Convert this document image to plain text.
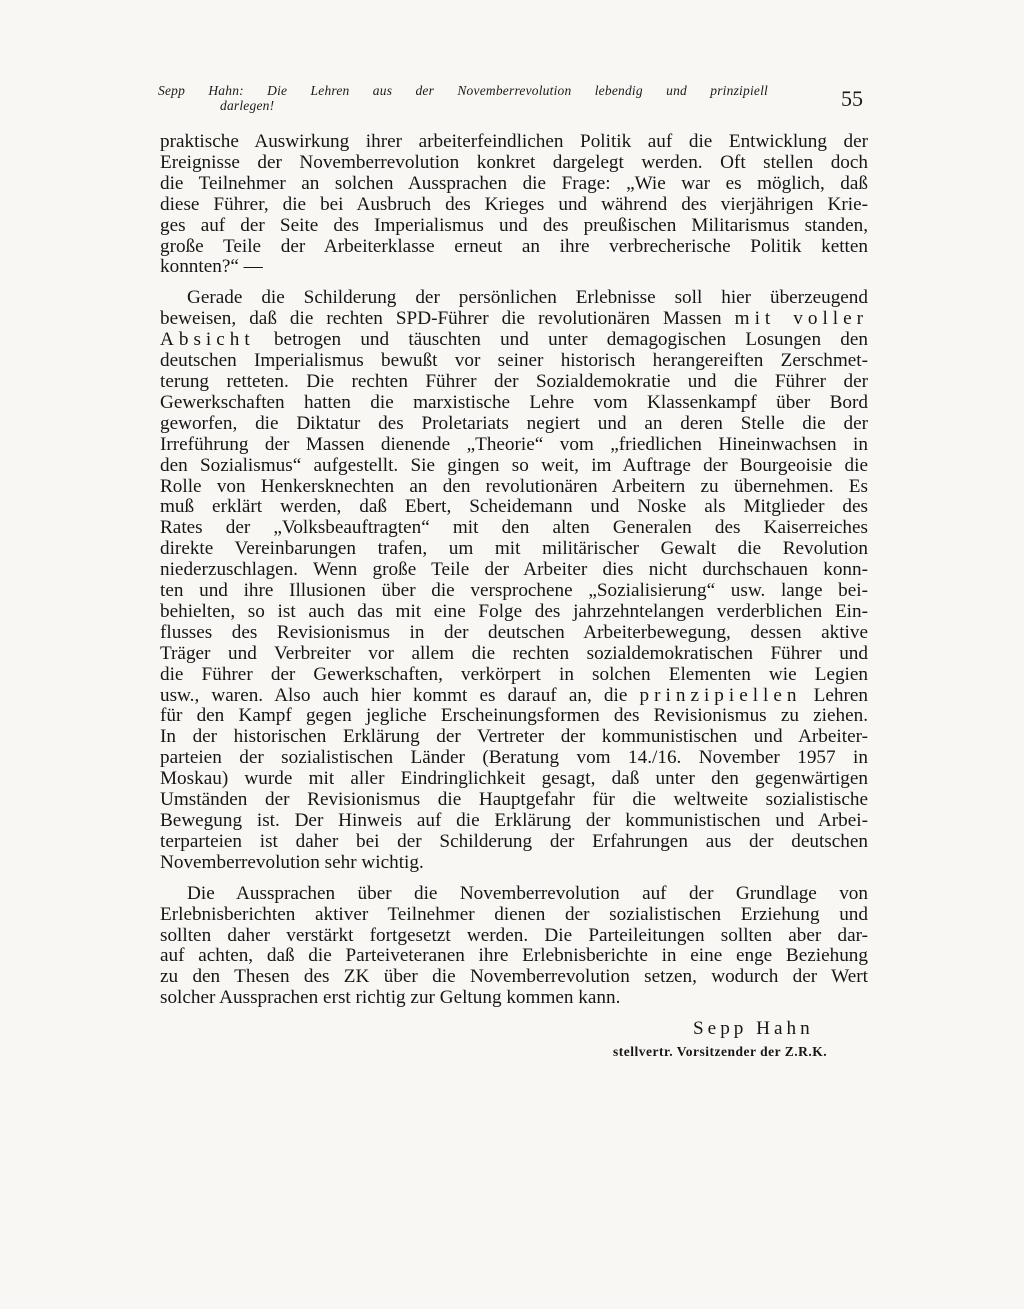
Sepp Hahn: Die Lehren aus der Novemberrevolution lebendig und prinzipiell
darlegen!	55
praktische Auswirkung ihrer arbeiterfeindlichen Politik auf die Entwicklung der
Ereignisse der Novemberrevolution konkret dargelegt werden. Oft stellen doch
die Teilnehmer an solchen Aussprachen die Frage: „Wie war es möglich, daß
diese Führer, die bei Ausbruch des Krieges und während des vierjährigen Krie-
ges auf der Seite des Imperialismus und des preußischen Militarismus standen,
große Teile der Arbeiterklasse erneut an ihre verbrecherische Politik ketten
konnten?“ —
Gerade die Schilderung der persönlichen Erlebnisse soll hier überzeugend
beweisen, daß die rechten SPD-Führer die revolutionären Massen mit voller
Absicht betrogen und täuschten und unter demagogischen Losungen den
deutschen Imperialismus bewußt vor seiner historisch herangereiften Zerschmet-
terung retteten. Die rechten Führer der Sozialdemokratie und die Führer der
Gewerkschaften hatten die marxistische Lehre vom Klassenkampf über Bord
geworfen, die Diktatur des Proletariats negiert und an deren Stelle die der
Irreführung der Massen dienende „Theorie“ vom „friedlichen Hineinwachsen in
den Sozialismus“ aufgestellt. Sie gingen so weit, im Auftrage der Bourgeoisie die
Rolle von Henkersknechten an den revolutionären Arbeitern zu übernehmen. Es
muß erklärt werden, daß Ebert, Scheidemann und Noske als Mitglieder des
Rates der „Volksbeauftragten“ mit den alten Generalen des Kaiserreiches
direkte Vereinbarungen trafen, um mit militärischer Gewalt die Revolution
niederzuschlagen. Wenn große Teile der Arbeiter dies nicht durchschauen konn-
ten und ihre Illusionen über die versprochene „Sozialisierung“ usw. lange bei-
behielten, so ist auch das mit eine Folge des jahrzehntelangen verderblichen Ein-
flusses des Revisionismus in der deutschen Arbeiterbewegung, dessen aktive
Träger und Verbreiter vor allem die rechten sozialdemokratischen Führer und
die Führer der Gewerkschaften, verkörpert in solchen Elementen wie Legien
usw., waren. Also auch hier kommt es darauf an, die prinzipiellen Lehren
für den Kampf gegen jegliche Erscheinungsformen des Revisionismus zu ziehen.
In der historischen Erklärung der Vertreter der kommunistischen und Arbeiter-
parteien der sozialistischen Länder (Beratung vom 14./16. November 1957 in
Moskau) wurde mit aller Eindringlichkeit gesagt, daß unter den gegenwärtigen
Umständen der Revisionismus die Hauptgefahr für die weltweite sozialistische
Bewegung ist. Der Hinweis auf die Erklärung der kommunistischen und Arbei-
terparteien ist daher bei der Schilderung der Erfahrungen aus der deutschen
Novemberrevolution sehr wichtig.
Die Aussprachen über die Novemberrevolution auf der Grundlage von
Erlebnisberichten aktiver Teilnehmer dienen der sozialistischen Erziehung und
sollten daher verstärkt fortgesetzt werden. Die Parteileitungen sollten aber dar-
auf achten, daß die Parteiveteranen ihre Erlebnisberichte in eine enge Beziehung
zu den Thesen des ZK über die Novemberrevolution setzen, wodurch der Wert
solcher Aussprachen erst richtig zur Geltung kommen kann.
Sepp Hahn
stellvertr. Vorsitzender der Z.R.K.
